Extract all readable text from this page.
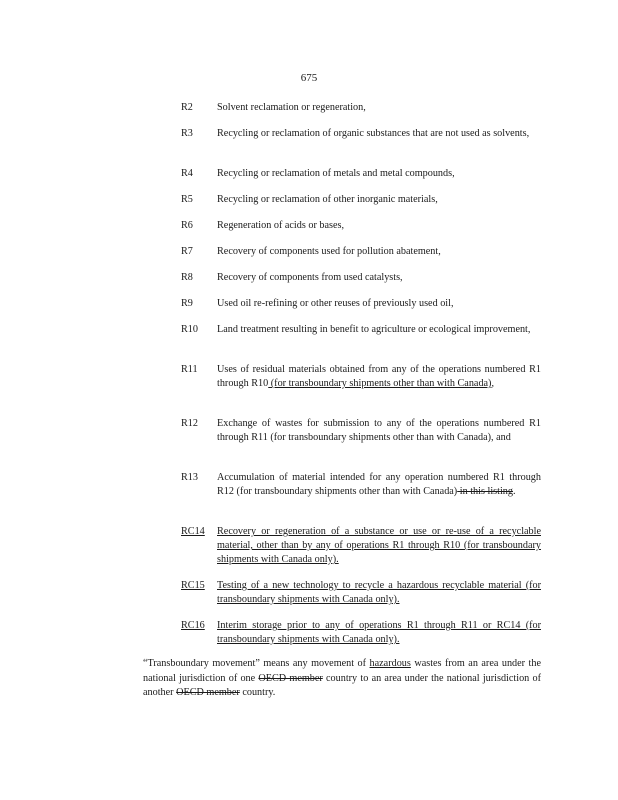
675
R2	Solvent reclamation or regeneration,
R3	Recycling or reclamation of organic substances that are not used as solvents,
R4	Recycling or reclamation of metals and metal compounds,
R5	Recycling or reclamation of other inorganic materials,
R6	Regeneration of acids or bases,
R7	Recovery of components used for pollution abatement,
R8	Recovery of components from used catalysts,
R9	Used oil re-refining or other reuses of previously used oil,
R10	Land treatment resulting in benefit to agriculture or ecological improvement,
R11	Uses of residual materials obtained from any of the operations numbered R1 through R10 (for transboundary shipments other than with Canada),
R12	Exchange of wastes for submission to any of the operations numbered R1 through R11 (for transboundary shipments other than with Canada), and
R13	Accumulation of material intended for any operation numbered R1 through R12 (for transboundary shipments other than with Canada) in this listing.
RC14	Recovery or regeneration of a substance or use or re-use of a recyclable material, other than by any of operations R1 through R10 (for transboundary shipments with Canada only).
RC15	Testing of a new technology to recycle a hazardous recyclable material (for transboundary shipments with Canada only).
RC16	Interim storage prior to any of operations R1 through R11 or RC14 (for transboundary shipments with Canada only).
“Transboundary movement” means any movement of hazardous wastes from an area under the national jurisdiction of one OECD member country to an area under the national jurisdiction of another OECD member country.
